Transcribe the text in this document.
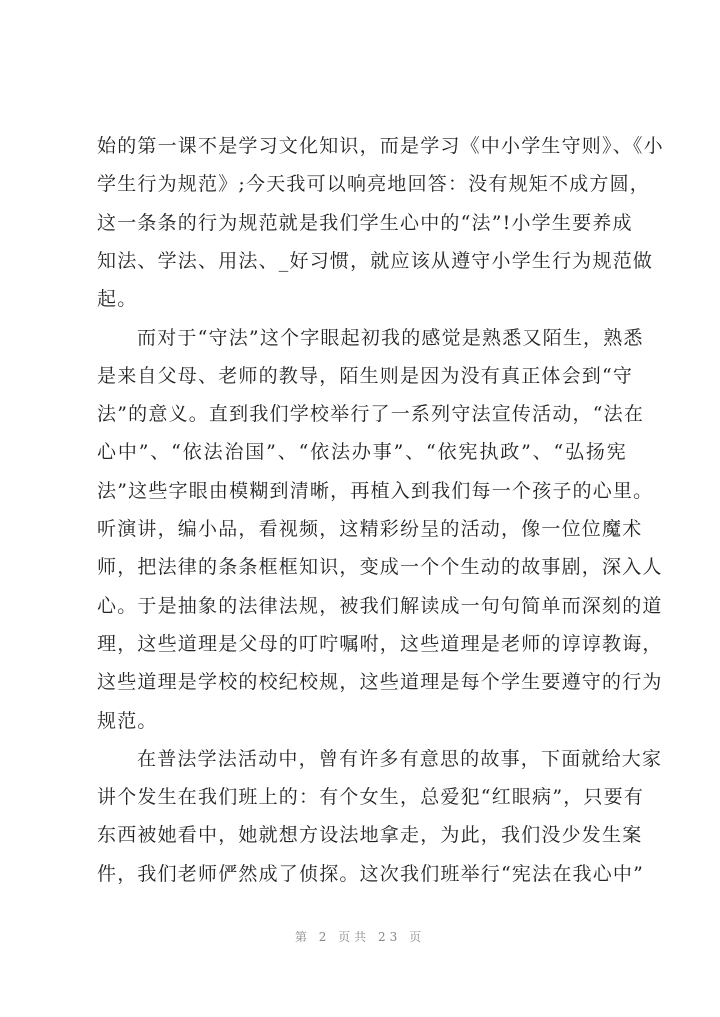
始的第一课不是学习文化知识，而是学习《中小学生守则》、《小
学生行为规范》;今天我可以响亮地回答：没有规矩不成方圆，
这一条条的行为规范就是我们学生心中的“法”!小学生要养成
知法、学法、用法、_好习惯，就应该从遵守小学生行为规范做
起。
而对于“守法”这个字眼起初我的感觉是熟悉又陌生，熟悉
是来自父母、老师的教导，陌生则是因为没有真正体会到“守
法”的意义。直到我们学校举行了一系列守法宣传活动，“法在
心中”、“依法治国”、“依法办事”、“依宪执政”、“弘扬宪
法”这些字眼由模糊到清晰，再植入到我们每一个孩子的心里。
听演讲，编小品，看视频，这精彩纷呈的活动，像一位位魔术
师，把法律的条条框框知识，变成一个个生动的故事剧，深入人
心。于是抽象的法律法规，被我们解读成一句句简单而深刻的道
理，这些道理是父母的叮咛嘱咐，这些道理是老师的谆谆教诲，
这些道理是学校的校纪校规，这些道理是每个学生要遵守的行为
规范。
在普法学法活动中，曾有许多有意思的故事，下面就给大家
讲个发生在我们班上的：有个女生，总爱犯“红眼病”，只要有
东西被她看中，她就想方设法地拿走，为此，我们没少发生案
件，我们老师俨然成了侦探。这次我们班举行“宪法在我心中”
第 2 页共 23 页
